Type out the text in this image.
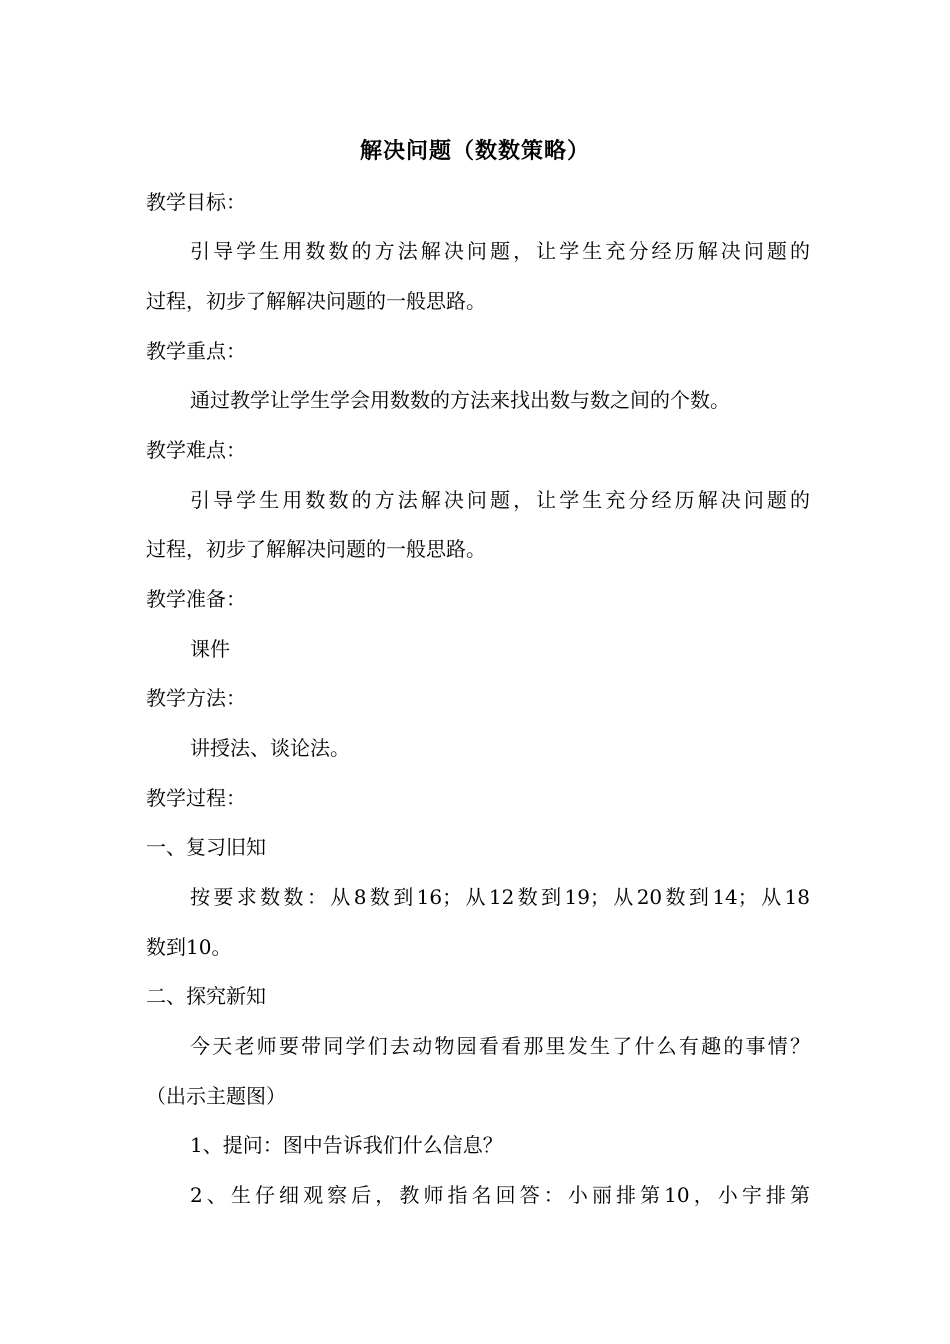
解决问题（数数策略）
教学目标：
引导学生用数数的方法解决问题，让学生充分经历解决问题的
过程，初步了解解决问题的一般思路。
教学重点：
通过教学让学生学会用数数的方法来找出数与数之间的个数。
教学难点：
引导学生用数数的方法解决问题，让学生充分经历解决问题的
过程，初步了解解决问题的一般思路。
教学准备：
课件
教学方法：
讲授法、谈论法。
教学过程：
一、复习旧知
按要求数数：从8数到16；从12数到19；从20数到14；从18
数到10。
二、探究新知
今天老师要带同学们去动物园看看那里发生了什么有趣的事情？
（出示主题图）
1、提问：图中告诉我们什么信息？
2、生仔细观察后，教师指名回答：小丽排第10，小宇排第
